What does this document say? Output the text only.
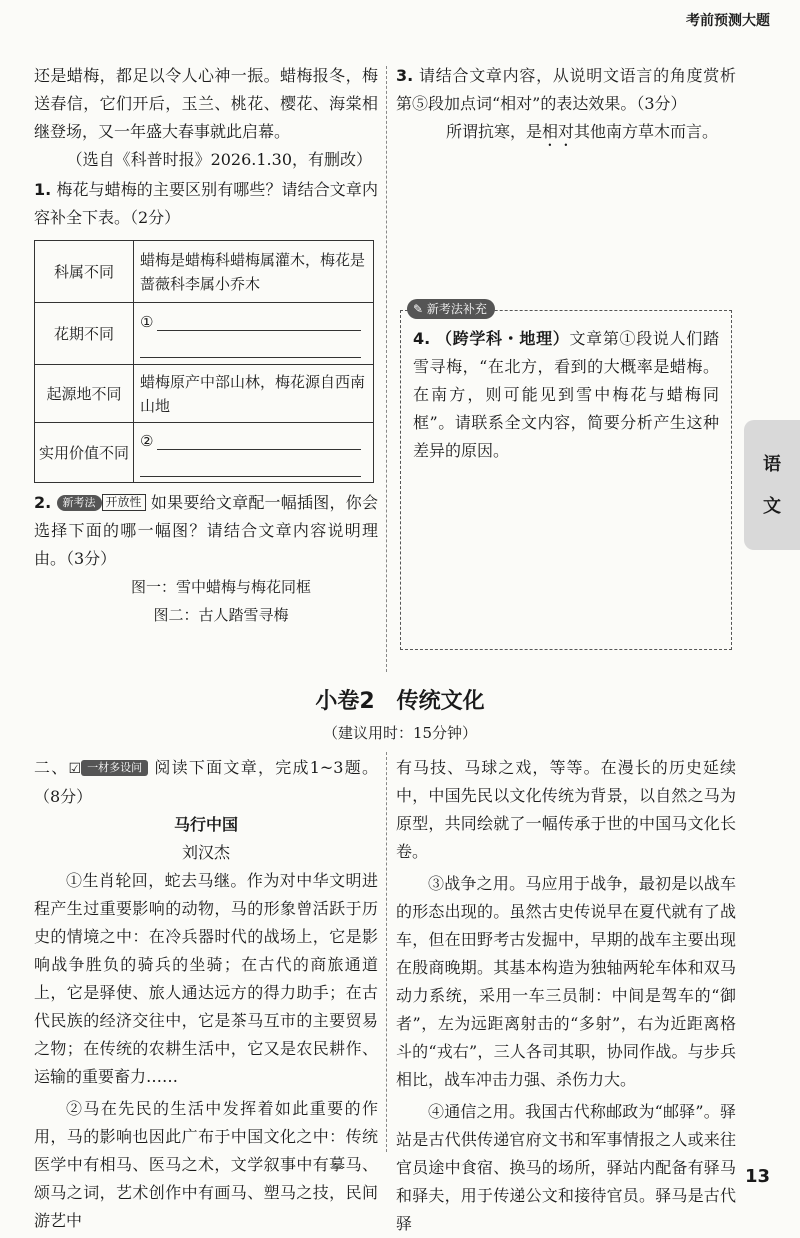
考前预测大题

还是蜡梅，都足以令人心神一振。蜡梅报冬，梅送春信，它们开后，玉兰、桃花、樱花、海棠相继登场，又一年盛大春事就此启幕。

（选自《科普时报》2026.1.30，有删改）

1. 梅花与蜡梅的主要区别有哪些？请结合文章内容补全下表。（2分）

科属不同	蜡梅是蜡梅科蜡梅属灌木，梅花是蔷薇科李属小乔木
花期不同	①

起源地不同	蜡梅原产中部山林，梅花源自西南山地
实用价值不同	②

2. 新考法 开放性 如果要给文章配一幅插图，你会选择下面的哪一幅图？请结合文章内容说明理由。（3分）

图一：雪中蜡梅与梅花同框

图二：古人踏雪寻梅

3. 请结合文章内容，从说明文语言的角度赏析第⑤段加点词“相对”的表达效果。（3分）

所谓抗寒，是相对其他南方草木而言。

✎ 新考法补充

4. （跨学科・地理）文章第①段说人们踏雪寻梅，“在北方，看到的大概率是蜡梅。在南方，则可能见到雪中梅花与蜡梅同框”。请联系全文内容，简要分析产生这种差异的原因。

语
文
小卷2　传统文化
（建议用时：15分钟）

二、☑ 一材多设问 阅读下面文章，完成1~3题。（8分）

马行中国

刘汉杰

①生肖轮回，蛇去马继。作为对中华文明进程产生过重要影响的动物，马的形象曾活跃于历史的情境之中：在冷兵器时代的战场上，它是影响战争胜负的骑兵的坐骑；在古代的商旅通道上，它是驿使、旅人通达远方的得力助手；在古代民族的经济交往中，它是茶马互市的主要贸易之物；在传统的农耕生活中，它又是农民耕作、运输的重要畜力……

②马在先民的生活中发挥着如此重要的作用，马的影响也因此广布于中国文化之中：传统医学中有相马、医马之术，文学叙事中有摹马、颂马之词，艺术创作中有画马、塑马之技，民间游艺中

有马技、马球之戏，等等。在漫长的历史延续中，中国先民以文化传统为背景，以自然之马为原型，共同绘就了一幅传承于世的中国马文化长卷。

③战争之用。马应用于战争，最初是以战车的形态出现的。虽然古史传说早在夏代就有了战车，但在田野考古发掘中，早期的战车主要出现在殷商晚期。其基本构造为独轴两轮车体和双马动力系统，采用一车三员制：中间是驾车的“御者”，左为远距离射击的“多射”，右为近距离格斗的“戎右”，三人各司其职，协同作战。与步兵相比，战车冲击力强、杀伤力大。

④通信之用。我国古代称邮政为“邮驿”。驿站是古代供传递官府文书和军事情报之人或来往官员途中食宿、换马的场所，驿站内配备有驿马和驿夫，用于传递公文和接待官员。驿马是古代驿

13
